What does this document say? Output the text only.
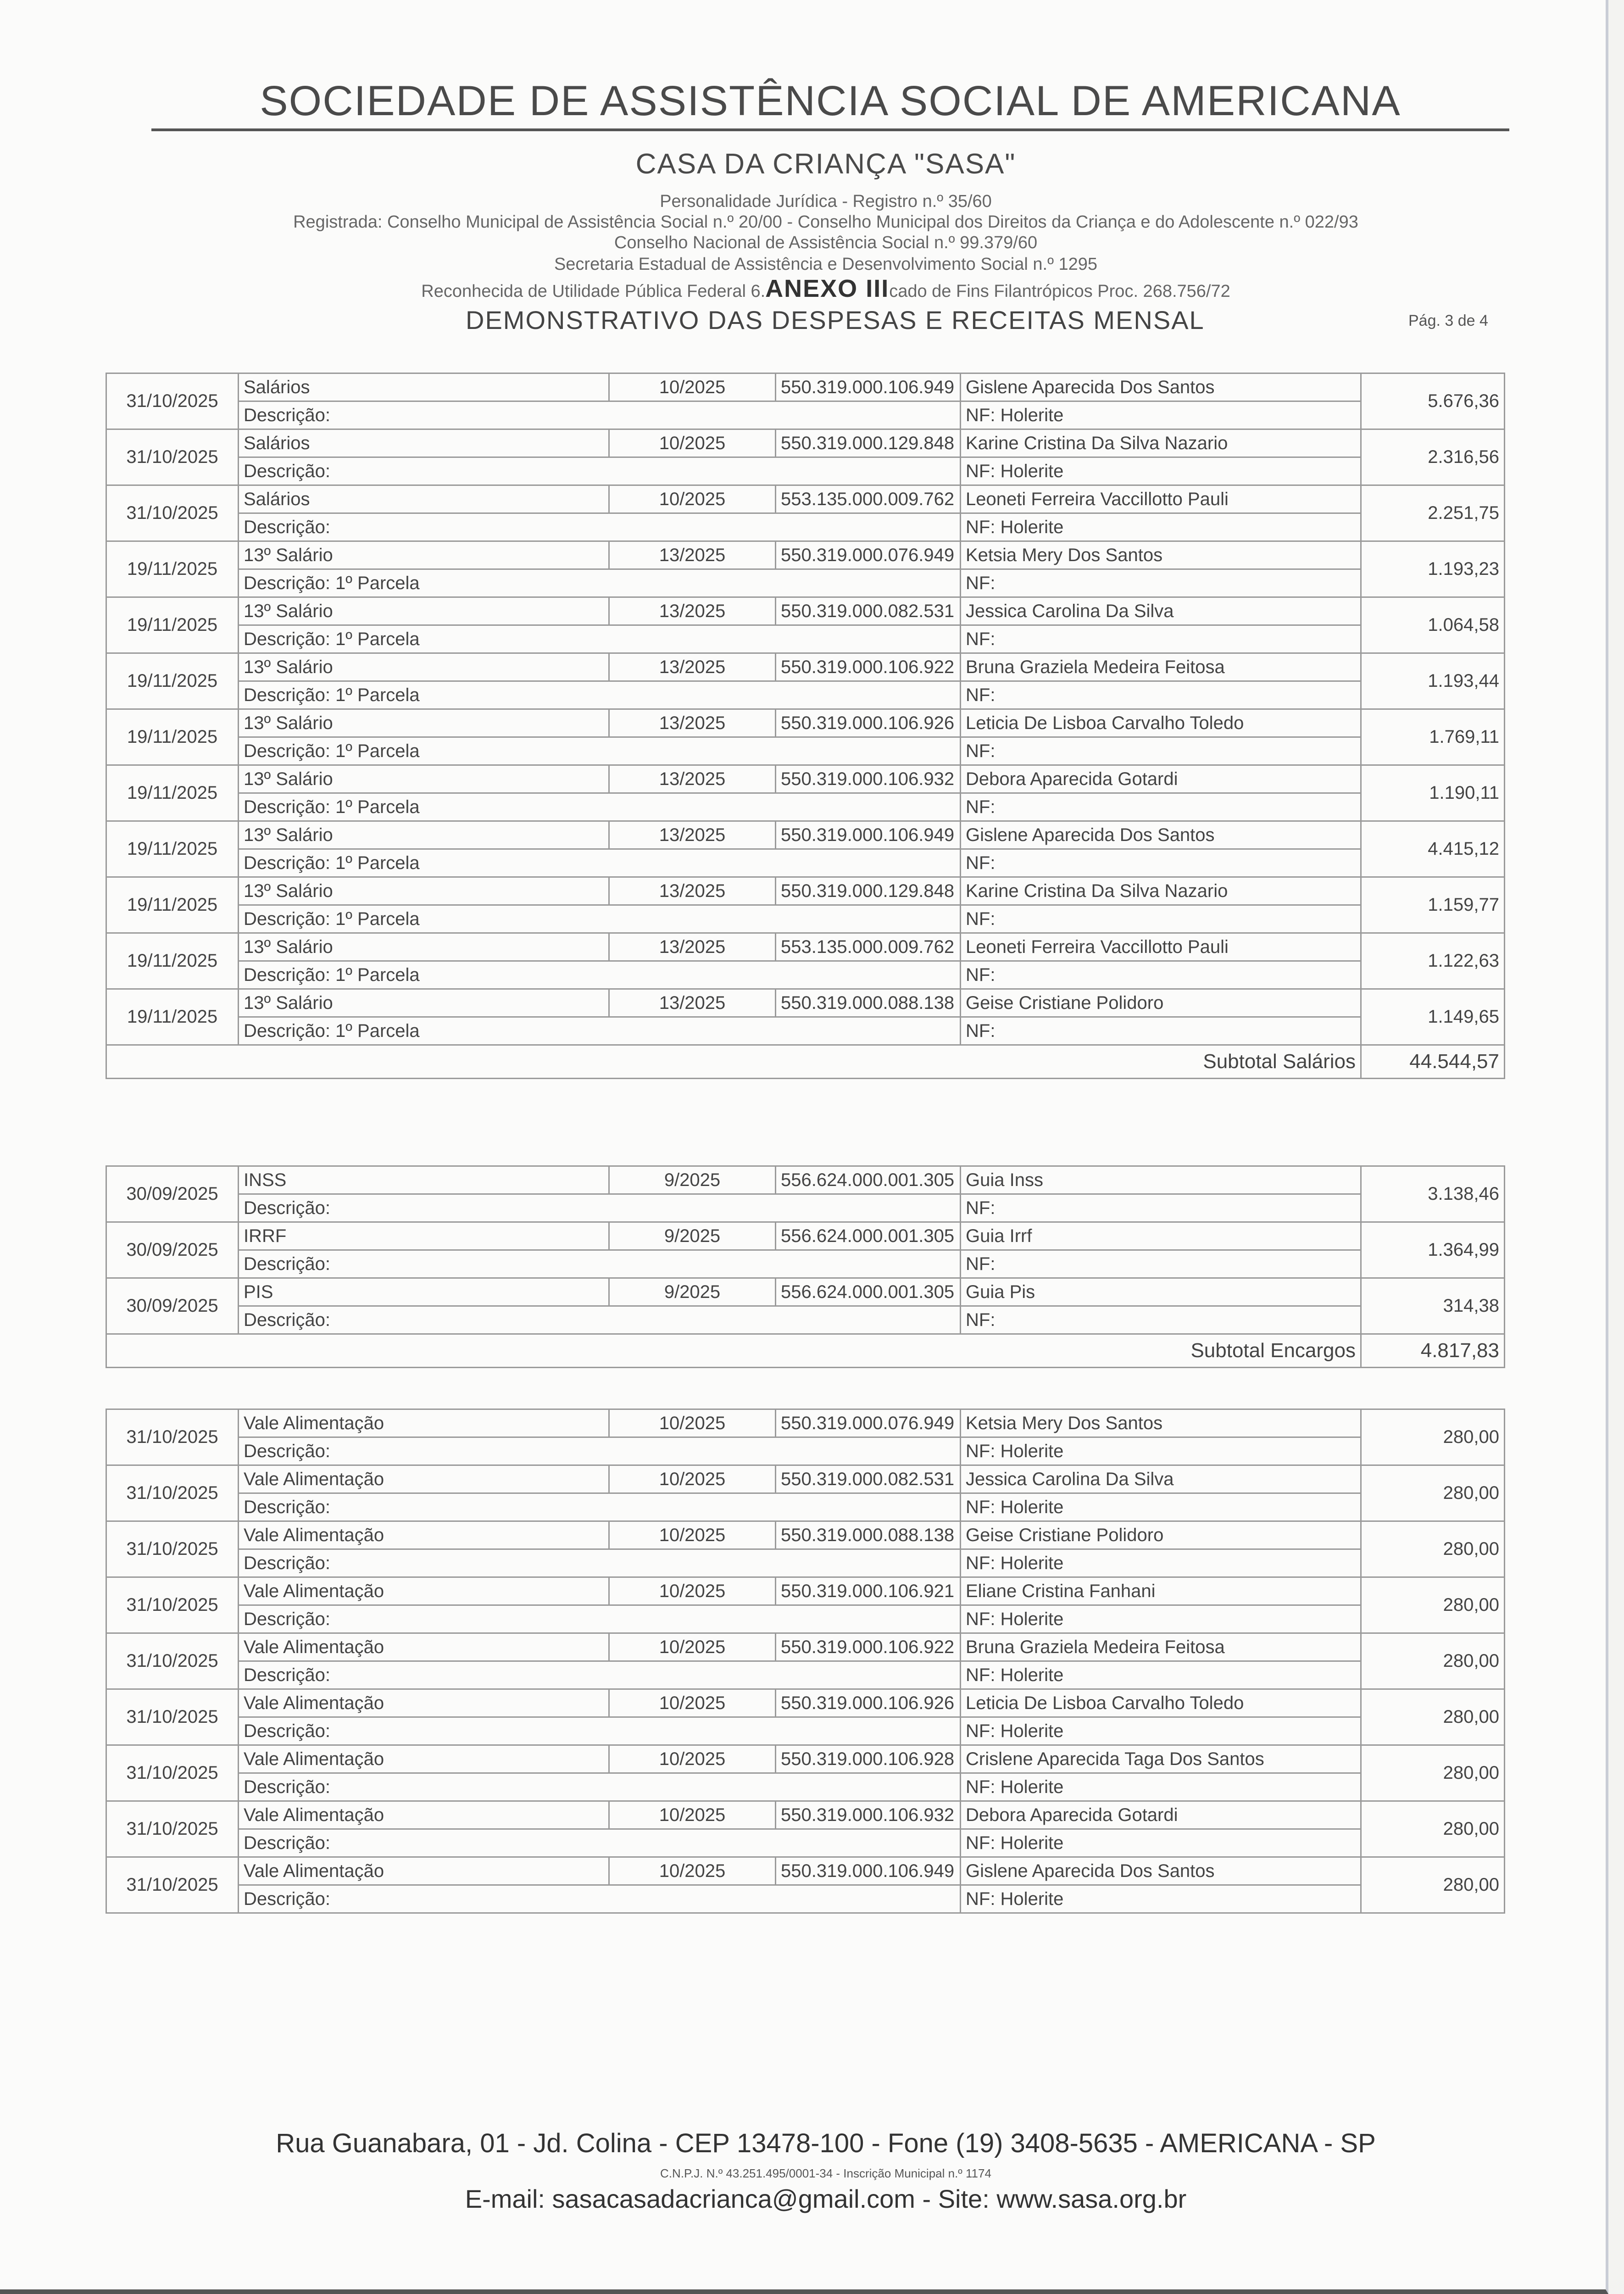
SOCIEDADE DE ASSISTÊNCIA SOCIAL DE AMERICANA
CASA DA CRIANÇA "SASA"
Personalidade Jurídica - Registro n.º 35/60
Registrada: Conselho Municipal de Assistência Social n.º 20/00 - Conselho Municipal dos Direitos da Criança e do Adolescente n.º 022/93
Conselho Nacional de Assistência Social n.º 99.379/60
Secretaria Estadual de Assistência e Desenvolvimento Social n.º 1295
Reconhecida de Utilidade Pública Federal 6.ANEXO IIIcado de Fins Filantrópicos Proc. 268.756/72
DEMONSTRATIVO DAS DESPESAS E RECEITAS MENSAL	Pág. 3 de 4
31/10/2025	Salários	10/2025	550.319.000.106.949	Gislene Aparecida Dos Santos	5.676,36
	Descrição:			NF: Holerite	
31/10/2025	Salários	10/2025	550.319.000.129.848	Karine Cristina Da Silva Nazario	2.316,56
	Descrição:			NF: Holerite	
31/10/2025	Salários	10/2025	553.135.000.009.762	Leoneti Ferreira Vaccillotto Pauli	2.251,75
	Descrição:			NF: Holerite	
19/11/2025	13º Salário	13/2025	550.319.000.076.949	Ketsia Mery Dos Santos	1.193,23
	Descrição: 1º Parcela			NF:	
19/11/2025	13º Salário	13/2025	550.319.000.082.531	Jessica Carolina Da Silva	1.064,58
	Descrição: 1º Parcela			NF:	
19/11/2025	13º Salário	13/2025	550.319.000.106.922	Bruna Graziela Medeira Feitosa	1.193,44
	Descrição: 1º Parcela			NF:	
19/11/2025	13º Salário	13/2025	550.319.000.106.926	Leticia De Lisboa Carvalho Toledo	1.769,11
	Descrição: 1º Parcela			NF:	
19/11/2025	13º Salário	13/2025	550.319.000.106.932	Debora Aparecida Gotardi	1.190,11
	Descrição: 1º Parcela			NF:	
19/11/2025	13º Salário	13/2025	550.319.000.106.949	Gislene Aparecida Dos Santos	4.415,12
	Descrição: 1º Parcela			NF:	
19/11/2025	13º Salário	13/2025	550.319.000.129.848	Karine Cristina Da Silva Nazario	1.159,77
	Descrição: 1º Parcela			NF:	
19/11/2025	13º Salário	13/2025	553.135.000.009.762	Leoneti Ferreira Vaccillotto Pauli	1.122,63
	Descrição: 1º Parcela			NF:	
19/11/2025	13º Salário	13/2025	550.319.000.088.138	Geise Cristiane Polidoro	1.149,65
	Descrição: 1º Parcela			NF:	
Subtotal Salários					44.544,57
30/09/2025	INSS	9/2025	556.624.000.001.305	Guia Inss	3.138,46
	Descrição:			NF:	
30/09/2025	IRRF	9/2025	556.624.000.001.305	Guia Irrf	1.364,99
	Descrição:			NF:	
30/09/2025	PIS	9/2025	556.624.000.001.305	Guia Pis	314,38
	Descrição:			NF:	
Subtotal Encargos					4.817,83
31/10/2025	Vale Alimentação	10/2025	550.319.000.076.949	Ketsia Mery Dos Santos	280,00
	Descrição:			NF: Holerite	
31/10/2025	Vale Alimentação	10/2025	550.319.000.082.531	Jessica Carolina Da Silva	280,00
	Descrição:			NF: Holerite	
31/10/2025	Vale Alimentação	10/2025	550.319.000.088.138	Geise Cristiane Polidoro	280,00
	Descrição:			NF: Holerite	
31/10/2025	Vale Alimentação	10/2025	550.319.000.106.921	Eliane Cristina Fanhani	280,00
	Descrição:			NF: Holerite	
31/10/2025	Vale Alimentação	10/2025	550.319.000.106.922	Bruna Graziela Medeira Feitosa	280,00
	Descrição:			NF: Holerite	
31/10/2025	Vale Alimentação	10/2025	550.319.000.106.926	Leticia De Lisboa Carvalho Toledo	280,00
	Descrição:			NF: Holerite	
31/10/2025	Vale Alimentação	10/2025	550.319.000.106.928	Crislene Aparecida Taga Dos Santos	280,00
	Descrição:			NF: Holerite	
31/10/2025	Vale Alimentação	10/2025	550.319.000.106.932	Debora Aparecida Gotardi	280,00
	Descrição:			NF: Holerite	
31/10/2025	Vale Alimentação	10/2025	550.319.000.106.949	Gislene Aparecida Dos Santos	280,00
	Descrição:			NF: Holerite	
Rua Guanabara, 01 - Jd. Colina - CEP 13478-100 - Fone (19) 3408-5635 - AMERICANA - SP
C.N.P.J. N.º 43.251.495/0001-34 - Inscrição Municipal n.º 1174
E-mail: sasacasadacrianca@gmail.com - Site: www.sasa.org.br
